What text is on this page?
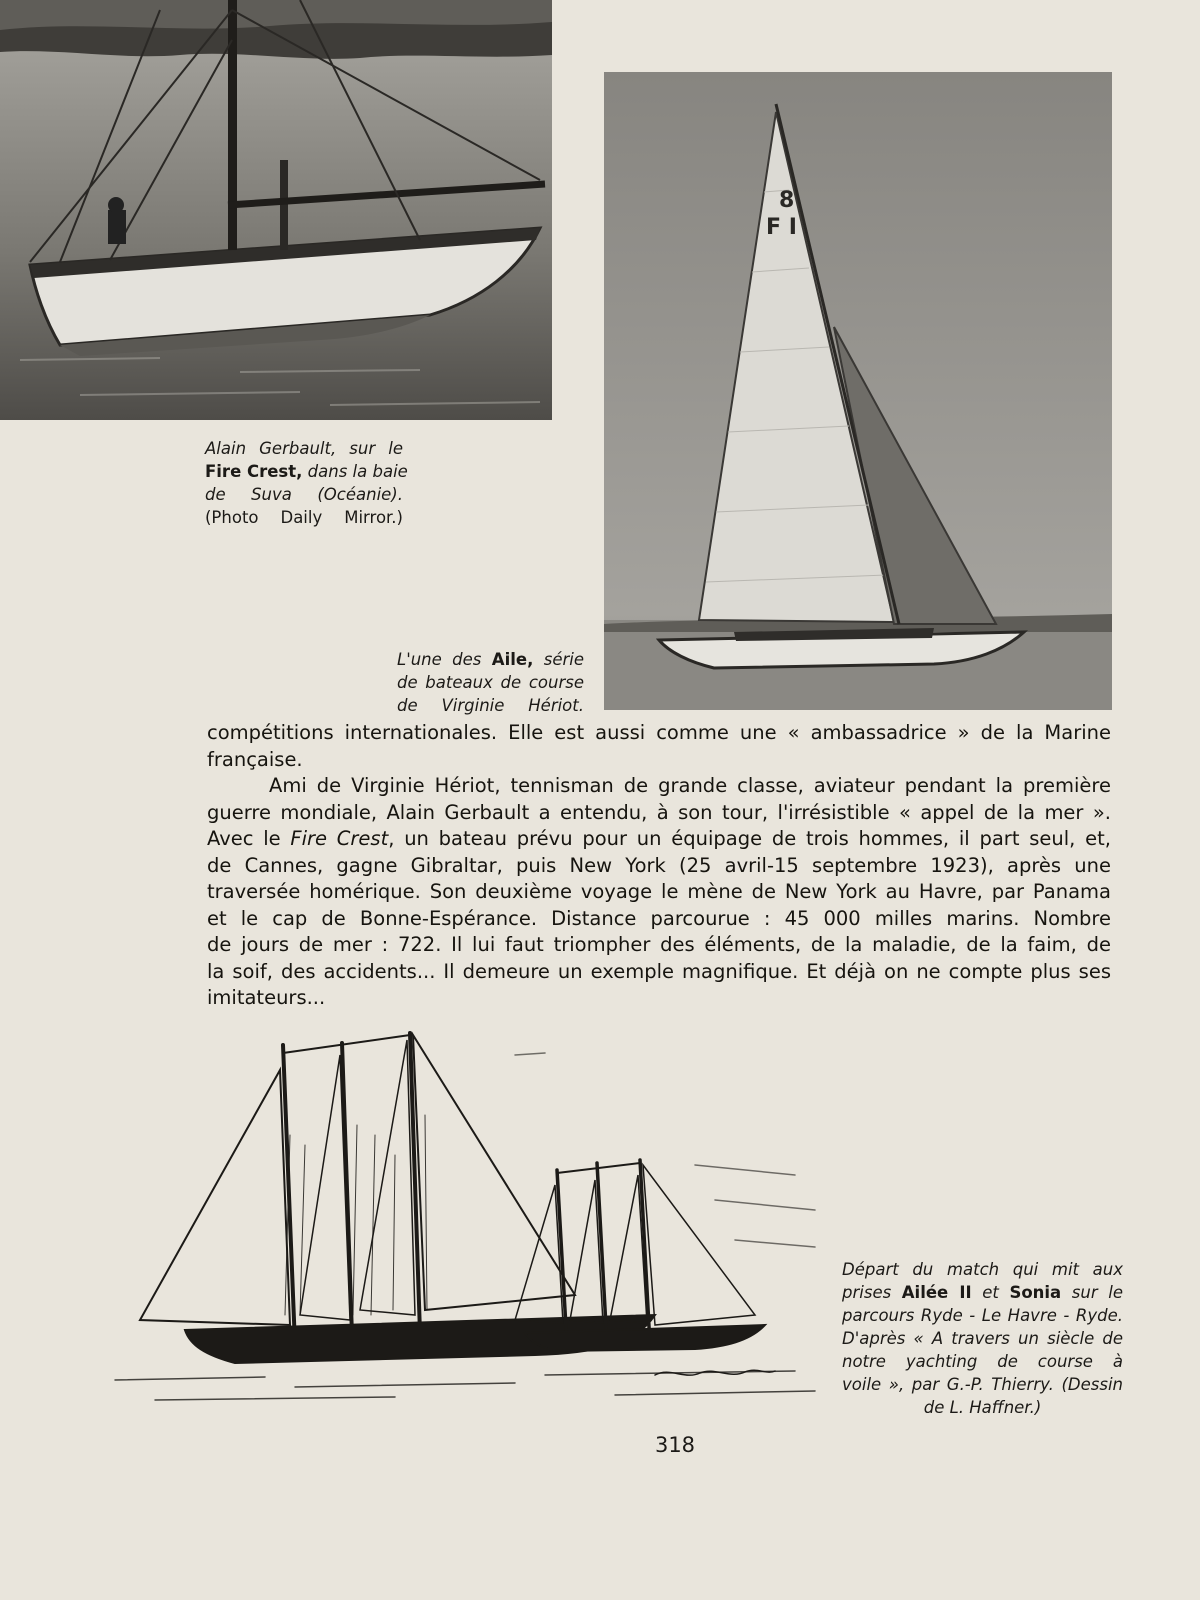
Alain Gerbault, sur le
Fire Crest, dans la baie
de Suva (Océanie).
(Photo Daily Mirror.)
8
F I
L'une des Aile, série
de bateaux de course
de Virginie Hériot.
compétitions internationales. Elle est aussi comme une « ambassadrice » de la Marine
française.
Ami de Virginie Hériot, tennisman de grande classe, aviateur pendant la première
guerre mondiale, Alain Gerbault a entendu, à son tour, l'irrésistible « appel de la mer ».
Avec le Fire Crest, un bateau prévu pour un équipage de trois hommes, il part seul, et,
de Cannes, gagne Gibraltar, puis New York (25 avril-15 septembre 1923), après une
traversée homérique. Son deuxième voyage le mène de New York au Havre, par Panama
et le cap de Bonne-Espérance. Distance parcourue : 45 000 milles marins. Nombre
de jours de mer : 722. Il lui faut triompher des éléments, de la maladie, de la faim, de
la soif, des accidents... Il demeure un exemple magnifique. Et déjà on ne compte plus ses
imitateurs...
Départ du match qui mit aux
prises Ailée II et Sonia sur le
parcours Ryde - Le Havre - Ryde.
D'après « A travers un siècle de
notre yachting de course à
voile », par G.-P. Thierry. (Dessin
de L. Haffner.)
318
